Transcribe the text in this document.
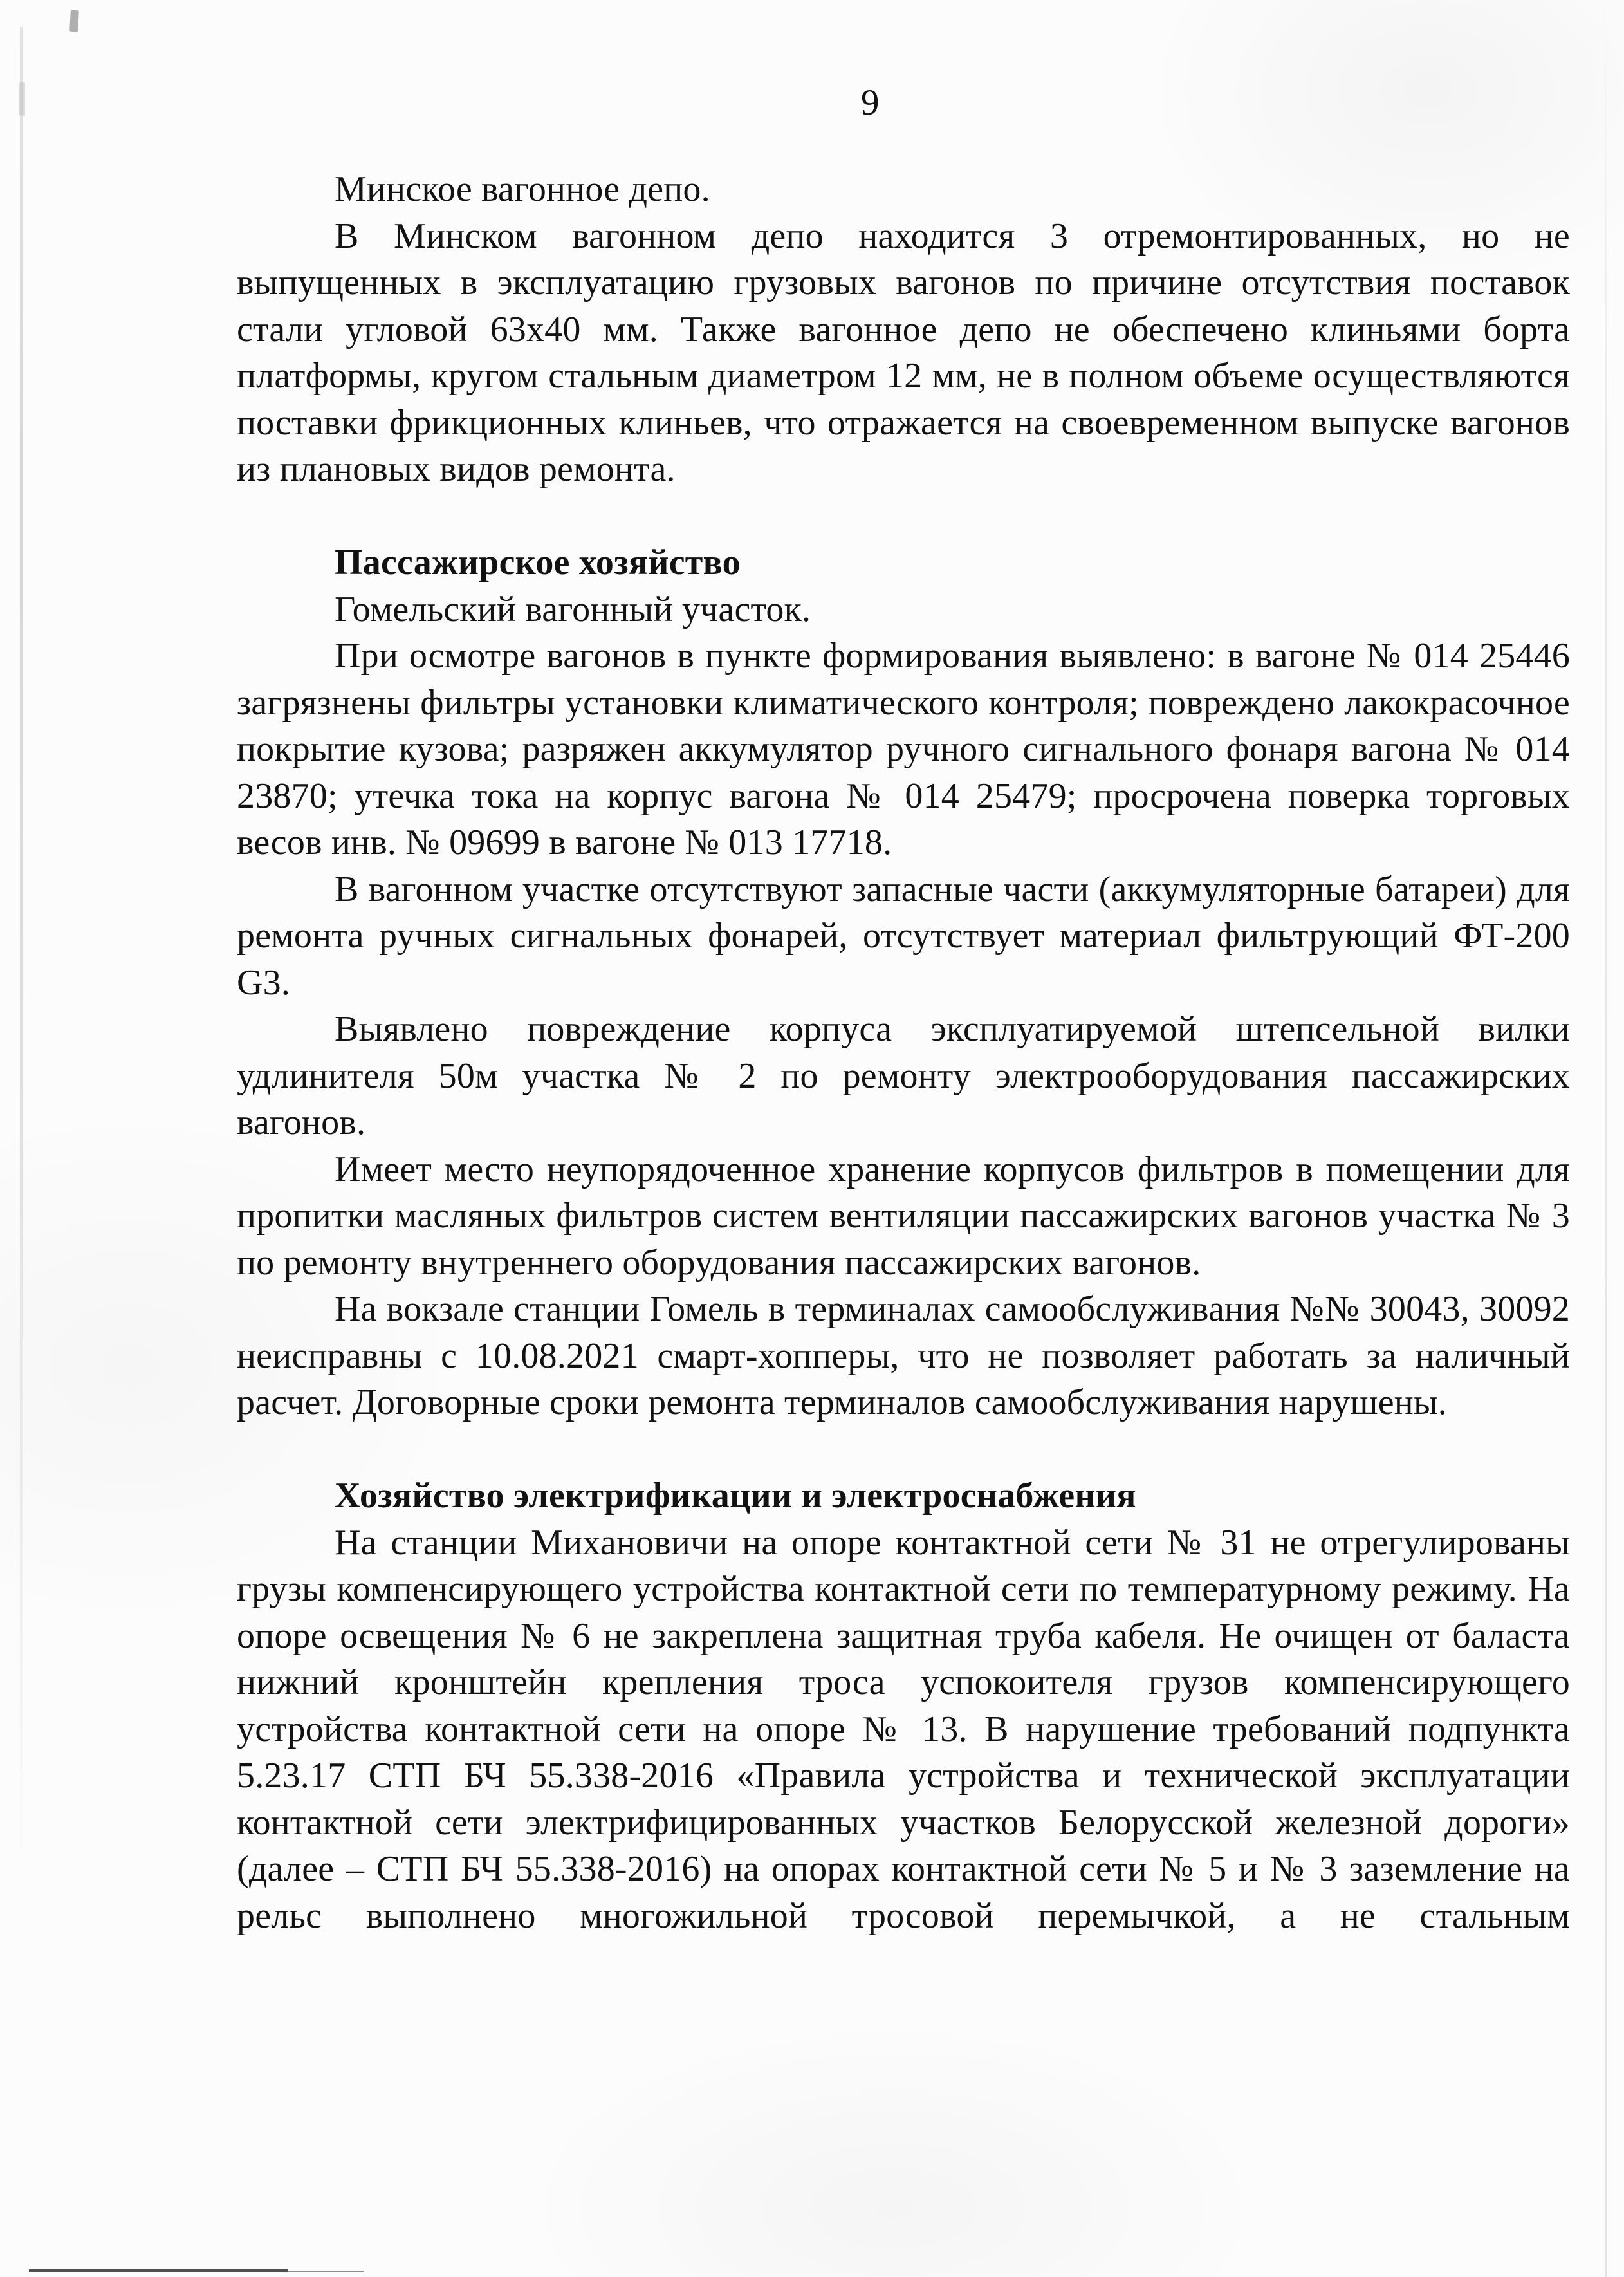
9
Минское вагонное депо.
В Минском вагонном депо находится 3 отремонтированных, но не выпущенных в эксплуатацию грузовых вагонов по причине отсутствия поставок стали угловой 63х40 мм. Также вагонное депо не обеспечено клиньями борта платформы, кругом стальным диаметром 12 мм, не в полном объеме осуществляются поставки фрикционных клиньев, что отражается на своевременном выпуске вагонов из плановых видов ремонта.
Пассажирское хозяйство
Гомельский вагонный участок.
При осмотре вагонов в пункте формирования выявлено: в вагоне № 014 25446 загрязнены фильтры установки климатического контроля; повреждено лакокрасочное покрытие кузова; разряжен аккумулятор ручного сигнального фонаря вагона № 014 23870; утечка тока на корпус вагона № 014 25479; просрочена поверка торговых весов инв. № 09699 в вагоне № 013 17718.
В вагонном участке отсутствуют запасные части (аккумуляторные батареи) для ремонта ручных сигнальных фонарей, отсутствует материал фильтрующий ФТ-200 G3.
Выявлено повреждение корпуса эксплуатируемой штепсельной вилки удлинителя 50м участка № 2 по ремонту электрооборудования пассажирских вагонов.
Имеет место неупорядоченное хранение корпусов фильтров в помещении для пропитки масляных фильтров систем вентиляции пассажирских вагонов участка № 3 по ремонту внутреннего оборудования пассажирских вагонов.
На вокзале станции Гомель в терминалах самообслуживания №№ 30043, 30092 неисправны с 10.08.2021 смарт-хопперы, что не позволяет работать за наличный расчет. Договорные сроки ремонта терминалов самообслуживания нарушены.
Хозяйство электрификации и электроснабжения
На станции Михановичи на опоре контактной сети № 31 не отрегулированы грузы компенсирующего устройства контактной сети по температурному режиму. На опоре освещения № 6 не закреплена защитная труба кабеля. Не очищен от баласта нижний кронштейн крепления троса успокоителя грузов компенсирующего устройства контактной сети на опоре № 13. В нарушение требований подпункта 5.23.17 СТП БЧ 55.338-2016 «Правила устройства и технической эксплуатации контактной сети электрифицированных участков Белорусской железной дороги» (далее – СТП БЧ 55.338-2016) на опорах контактной сети № 5 и № 3 заземление на рельс выполнено многожильной тросовой перемычкой, а не стальным
